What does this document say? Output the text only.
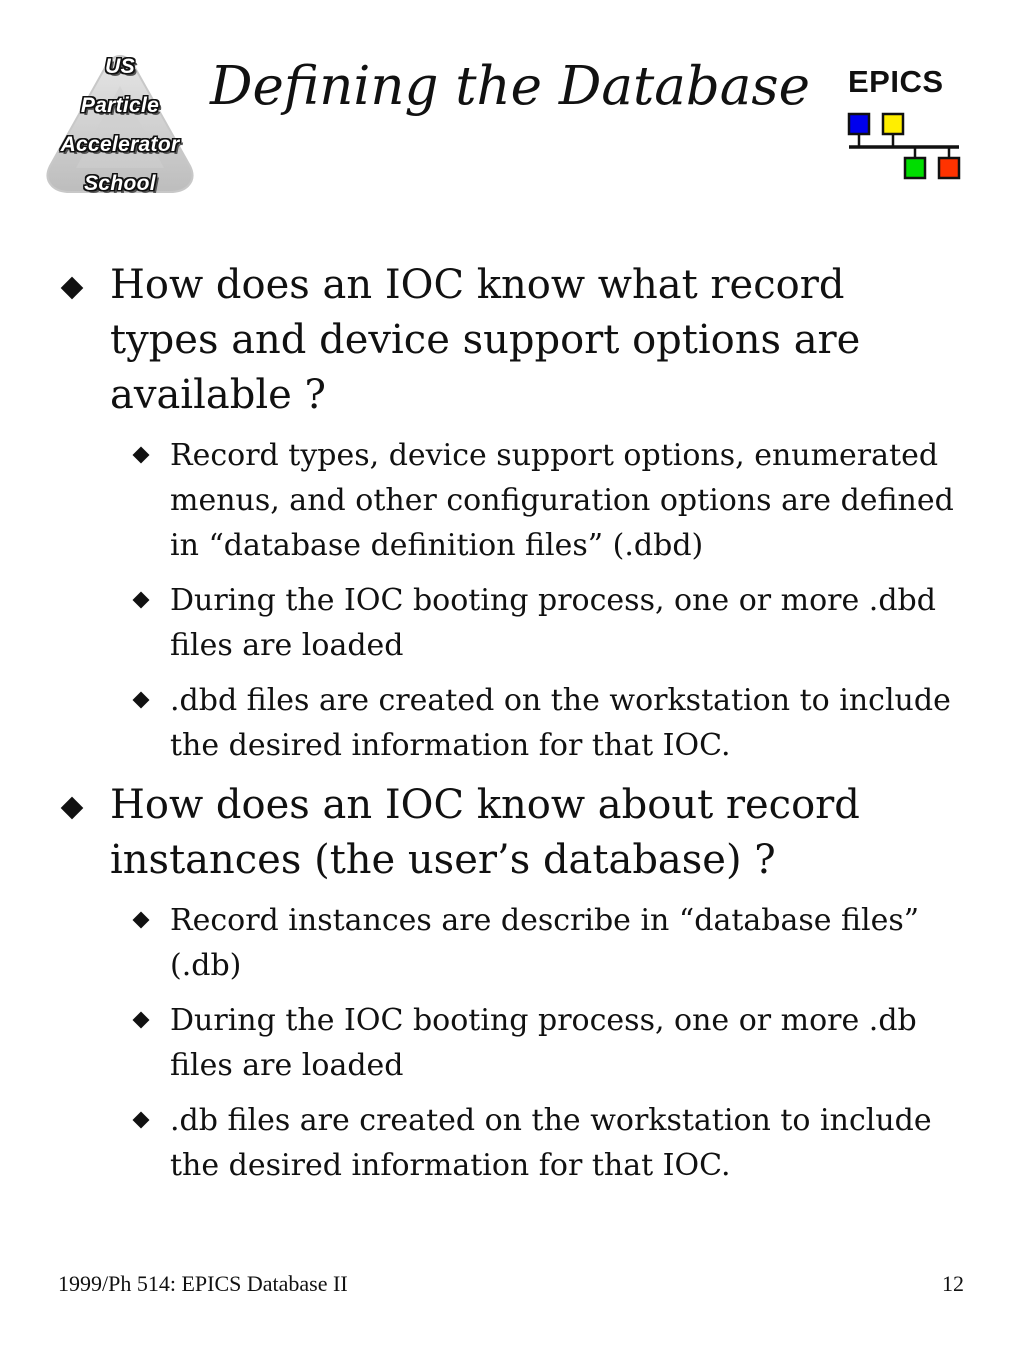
US
Particle
Accelerator
School
Defining the Database EPICS
How does an IOC know what record types and device support options are available ?
Record types, device support options, enumerated menus, and other configuration options are defined in “database definition files” (.dbd)
During the IOC booting process, one or more .dbd files are loaded
.dbd files are created on the workstation to include the desired information for that IOC.
How does an IOC know about record instances (the user’s database) ?
Record instances are describe in “database files” (.db)
During the IOC booting process, one or more .db files are loaded
.db files are created on the workstation to include the desired information for that IOC.
1999/Ph 514: EPICS Database II	12
